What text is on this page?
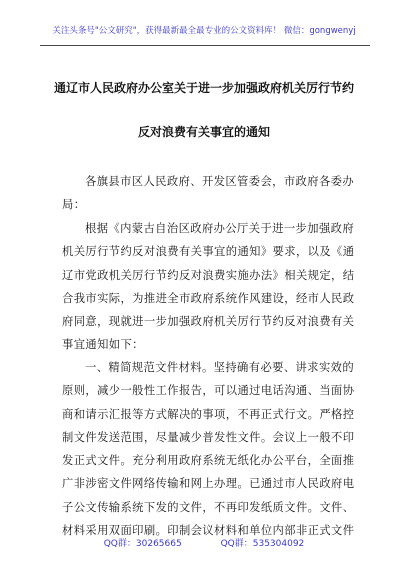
关注头条号"公文研究"，获得最新最全最专业的公文资料库！ 微信：gongwenyj
通辽市人民政府办公室关于进一步加强政府机关厉行节约
反对浪费有关事宜的通知

各旗县市区人民政府、开发区管委会，市政府各委办
局：

根据《内蒙古自治区政府办公厅关于进一步加强政府
机关厉行节约反对浪费有关事宜的通知》要求，以及《通
辽市党政机关厉行节约反对浪费实施办法》相关规定，结
合我市实际，为推进全市政府系统作风建设，经市人民政
府同意，现就进一步加强政府机关厉行节约反对浪费有关
事宜通知如下：

一、精简规范文件材料。坚持确有必要、讲求实效的
原则，减少一般性工作报告，可以通过电话沟通、当面协
商和请示汇报等方式解决的事项，不再正式行文。严格控
制文件发送范围，尽量减少普发性文件。会议上一般不印
发正式文件。充分利用政府系统无纸化办公平台，全面推
广非涉密文件网络传输和网上办理。已通过市人民政府电
子公文传输系统下发的文件，不再印发纸质文件。文件、
材料采用双面印刷。印制会议材料和单位内部非正式文件

QQ群：30265665	QQ群：535304092
